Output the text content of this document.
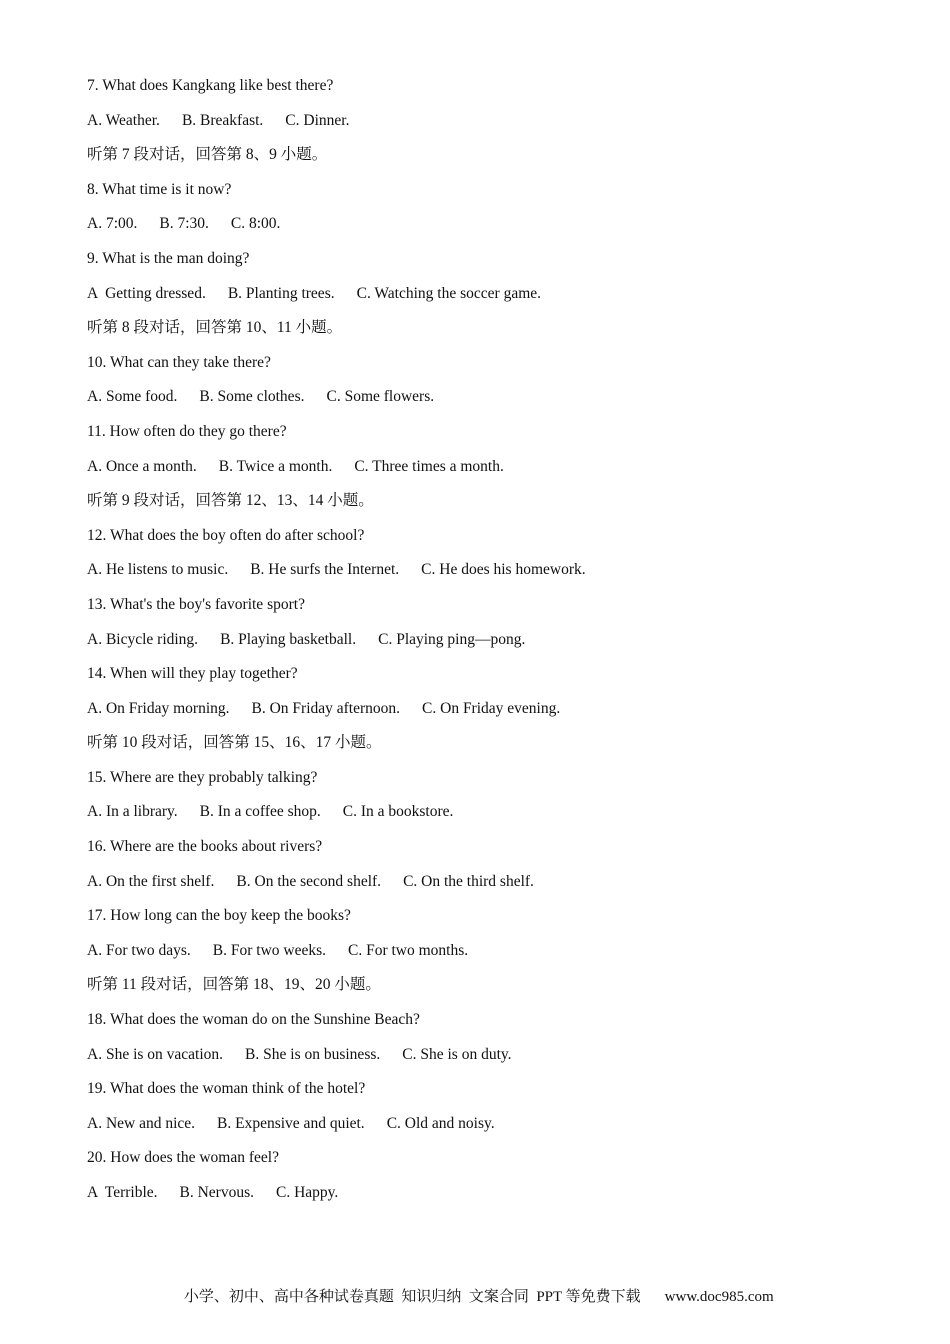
7. What does Kangkang like best there?
A. Weather. B. Breakfast. C. Dinner.
听第 7 段对话，回答第 8、9 小题。
8. What time is it now?
A. 7:00. B. 7:30. C. 8:00.
9. What is the man doing?
A  Getting dressed. B. Planting trees. C. Watching the soccer game.
听第 8 段对话，回答第 10、11 小题。
10. What can they take there?
A. Some food. B. Some clothes. C. Some flowers.
11. How often do they go there?
A. Once a month. B. Twice a month. C. Three times a month.
听第 9 段对话，回答第 12、13、14 小题。
12. What does the boy often do after school?
A. He listens to music. B. He surfs the Internet. C. He does his homework.
13. What's the boy's favorite sport?
A. Bicycle riding. B. Playing basketball. C. Playing ping—pong.
14. When will they play together?
A. On Friday morning. B. On Friday afternoon. C. On Friday evening.
听第 10 段对话，回答第 15、16、17 小题。
15. Where are they probably talking?
A. In a library. B. In a coffee shop. C. In a bookstore.
16. Where are the books about rivers?
A. On the first shelf. B. On the second shelf. C. On the third shelf.
17. How long can the boy keep the books?
A. For two days. B. For two weeks. C. For two months.
听第 11 段对话，回答第 18、19、20 小题。
18. What does the woman do on the Sunshine Beach?
A. She is on vacation. B. She is on business. C. She is on duty.
19. What does the woman think of the hotel?
A. New and nice. B. Expensive and quiet. C. Old and noisy.
20. How does the woman feel?
A  Terrible. B. Nervous. C. Happy.

小学、初中、高中各种试卷真题  知识归纳  文案合同  PPT 等免费下载 www.doc985.com
